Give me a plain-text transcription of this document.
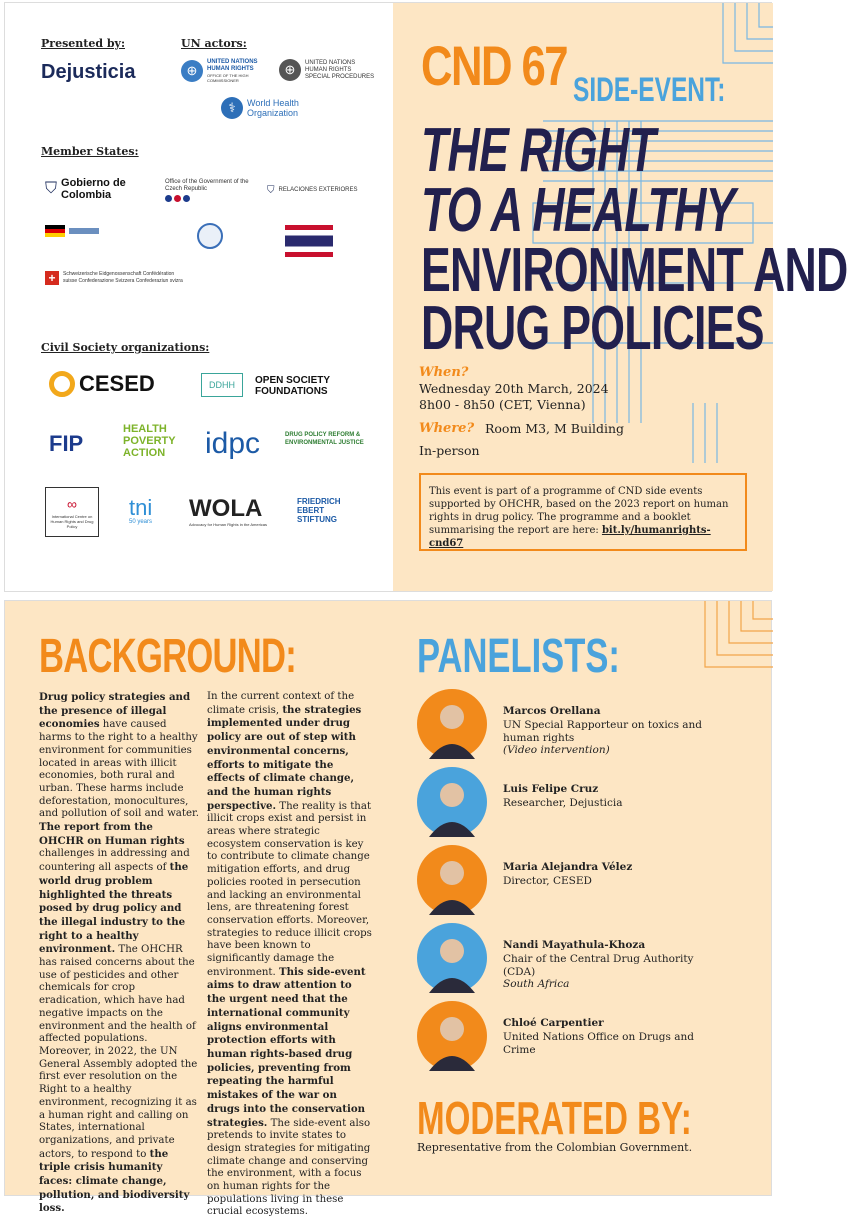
Presented by:
Dejusticia
UN actors:
⊕
UNITED NATIONS HUMAN RIGHTS
OFFICE OF THE HIGH COMMISSIONER
⊕	UNITED NATIONS HUMAN RIGHTS SPECIAL PROCEDURES
⚕	World Health Organization
Member States:
⛉ Gobierno de Colombia
Office of the Government of the Czech Republic	⛉ RELACIONES EXTERIORES
+	Schweizerische Eidgenossenschaft Confédération suisse Confederazione Svizzera Confederaziun svizra
Civil Society organizations:
CESED	DDHH OPEN SOCIETY FOUNDATIONS
FIP
HEALTH POVERTY ACTION	idpc	DRUG POLICY REFORM & ENVIRONMENTAL JUSTICE
∞
International Centre on Human Rights and Drug Policy
tni
50 years WOLA
Advocacy for Human Rights in the Americas
FRIEDRICH EBERT STIFTUNG
CND 67 SIDE-EVENT:
THE RIGHT
TO A HEALTHY
ENVIRONMENT AND
DRUG POLICIES
When?
Wednesday 20th March, 2024
8h00 - 8h50 (CET, Vienna)
Where? Room M3, M Building
In-person
This event is part of a programme of CND side events supported by OHCHR, based on the 2023 report on human rights in drug policy. The programme and a booklet summarising the report are here: bit.ly/humanrights-cnd67
BACKGROUND:
Drug policy strategies and the presence of illegal economies have caused harms to the right to a healthy environment for communities located in areas with illicit economies, both rural and urban. These harms include deforestation, monocultures, and pollution of soil and water. The report from the OHCHR on Human rights challenges in addressing and countering all aspects of the world drug problem highlighted the threats posed by drug policy and the illegal industry to the right to a healthy environment. The OHCHR has raised concerns about the use of pesticides and other chemicals for crop eradication, which have had negative impacts on the environment and the health of affected populations. Moreover, in 2022, the UN General Assembly adopted the first ever resolution on the Right to a healthy environment, recognizing it as a human right and calling on States, international organizations, and private actors, to respond to the triple crisis humanity faces: climate change, pollution, and biodiversity loss.
In the current context of the climate crisis, the strategies implemented under drug policy are out of step with environmental concerns, efforts to mitigate the effects of climate change, and the human rights perspective. The reality is that illicit crops exist and persist in areas where strategic ecosystem conservation is key to contribute to climate change mitigation efforts, and drug policies rooted in persecution and lacking an environmental lens, are threatening forest conservation efforts. Moreover, strategies to reduce illicit crops have been known to significantly damage the environment. This side-event aims to draw attention to the urgent need that the international community aligns environmental protection efforts with human rights-based drug policies, preventing from repeating the harmful mistakes of the war on drugs into the conservation strategies. The side-event also pretends to invite states to design strategies for mitigating climate change and conserving the environment, with a focus on human rights for the populations living in these crucial ecosystems.
PANELISTS:
Marcos Orellana
UN Special Rapporteur on toxics and human rights
(Video intervention)
Luis Felipe Cruz
Researcher, Dejusticia
Maria Alejandra Vélez
Director, CESED
Nandi Mayathula-Khoza
Chair of the Central Drug Authority (CDA)
South Africa
Chloé Carpentier
United Nations Office on Drugs and Crime
MODERATED BY:
Representative from the Colombian Government.
